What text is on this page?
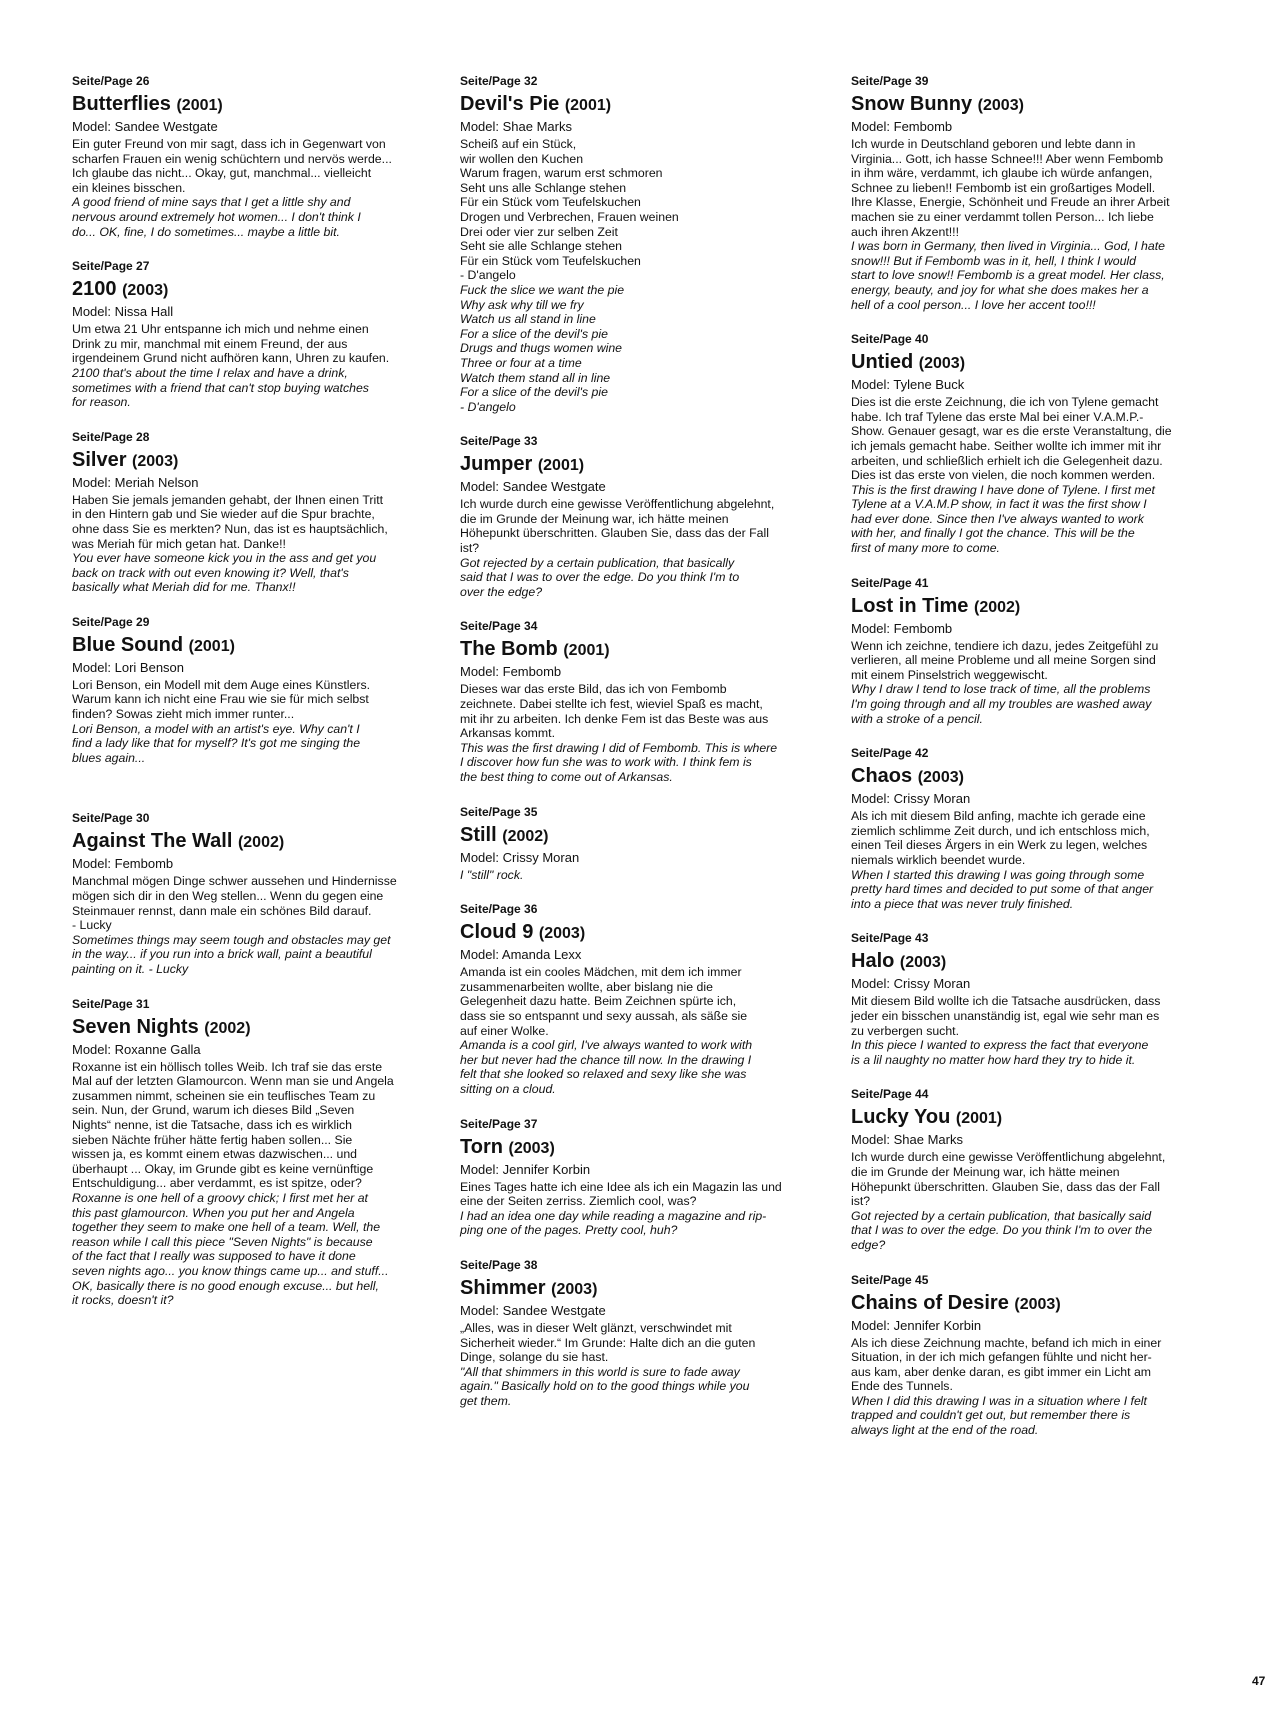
Seite/Page 26

Butterflies (2001)

Model: Sandee Westgate

Ein guter Freund von mir sagt, dass ich in Gegenwart von
scharfen Frauen ein wenig schüchtern und nervös werde...
Ich glaube das nicht... Okay, gut, manchmal... vielleicht
ein kleines bisschen.

A good friend of mine says that I get a little shy and
nervous around extremely hot women... I don't think I
do... OK, fine, I do sometimes... maybe a little bit.

Seite/Page 27

2100 (2003)

Model: Nissa Hall

Um etwa 21 Uhr entspanne ich mich und nehme einen
Drink zu mir, manchmal mit einem Freund, der aus
irgendeinem Grund nicht aufhören kann, Uhren zu kaufen.

2100 that's about the time I relax and have a drink,
sometimes with a friend that can't stop buying watches
for reason.

Seite/Page 28

Silver (2003)

Model: Meriah Nelson

Haben Sie jemals jemanden gehabt, der Ihnen einen Tritt
in den Hintern gab und Sie wieder auf die Spur brachte,
ohne dass Sie es merkten? Nun, das ist es hauptsächlich,
was Meriah für mich getan hat. Danke!!

You ever have someone kick you in the ass and get you
back on track with out even knowing it? Well, that's
basically what Meriah did for me. Thanx!!

Seite/Page 29

Blue Sound (2001)

Model: Lori Benson

Lori Benson, ein Modell mit dem Auge eines Künstlers.
Warum kann ich nicht eine Frau wie sie für mich selbst
finden? Sowas zieht mich immer runter...

Lori Benson, a model with an artist's eye. Why can't I
find a lady like that for myself? It's got me singing the
blues again...

Seite/Page 30

Against The Wall (2002)

Model: Fembomb

Manchmal mögen Dinge schwer aussehen und Hindernisse
mögen sich dir in den Weg stellen... Wenn du gegen eine
Steinmauer rennst, dann male ein schönes Bild darauf.
- Lucky

Sometimes things may seem tough and obstacles may get
in the way... if you run into a brick wall, paint a beautiful
painting on it. - Lucky

Seite/Page 31

Seven Nights (2002)

Model: Roxanne Galla

Roxanne ist ein höllisch tolles Weib. Ich traf sie das erste
Mal auf der letzten Glamourcon. Wenn man sie und Angela
zusammen nimmt, scheinen sie ein teuflisches Team zu
sein. Nun, der Grund, warum ich dieses Bild „Seven
Nights“ nenne, ist die Tatsache, dass ich es wirklich
sieben Nächte früher hätte fertig haben sollen... Sie
wissen ja, es kommt einem etwas dazwischen... und
überhaupt ... Okay, im Grunde gibt es keine vernünftige
Entschuldigung... aber verdammt, es ist spitze, oder?

Roxanne is one hell of a groovy chick; I first met her at
this past glamourcon. When you put her and Angela
together they seem to make one hell of a team. Well, the
reason while I call this piece "Seven Nights" is because
of the fact that I really was supposed to have it done
seven nights ago... you know things came up... and stuff...
OK, basically there is no good enough excuse... but hell,
it rocks, doesn't it?

Seite/Page 32

Devil's Pie (2001)

Model: Shae Marks

Scheiß auf ein Stück,
wir wollen den Kuchen
Warum fragen, warum erst schmoren
Seht uns alle Schlange stehen
Für ein Stück vom Teufelskuchen
Drogen und Verbrechen, Frauen weinen
Drei oder vier zur selben Zeit
Seht sie alle Schlange stehen
Für ein Stück vom Teufelskuchen
- D'angelo

Fuck the slice we want the pie
Why ask why till we fry
Watch us all stand in line
For a slice of the devil's pie
Drugs and thugs women wine
Three or four at a time
Watch them stand all in line
For a slice of the devil's pie
- D'angelo

Seite/Page 33

Jumper (2001)

Model: Sandee Westgate

Ich wurde durch eine gewisse Veröffentlichung abgelehnt,
die im Grunde der Meinung war, ich hätte meinen
Höhepunkt überschritten. Glauben Sie, dass das der Fall
ist?

Got rejected by a certain publication, that basically
said that I was to over the edge. Do you think I'm to
over the edge?

Seite/Page 34

The Bomb (2001)

Model: Fembomb

Dieses war das erste Bild, das ich von Fembomb
zeichnete. Dabei stellte ich fest, wieviel Spaß es macht,
mit ihr zu arbeiten. Ich denke Fem ist das Beste was aus
Arkansas kommt.

This was the first drawing I did of Fembomb. This is where
I discover how fun she was to work with. I think fem is
the best thing to come out of Arkansas.

Seite/Page 35

Still (2002)

Model: Crissy Moran

I "still" rock.

Seite/Page 36

Cloud 9 (2003)

Model: Amanda Lexx

Amanda ist ein cooles Mädchen, mit dem ich immer
zusammenarbeiten wollte, aber bislang nie die
Gelegenheit dazu hatte. Beim Zeichnen spürte ich,
dass sie so entspannt und sexy aussah, als säße sie
auf einer Wolke.

Amanda is a cool girl, I've always wanted to work with
her but never had the chance till now. In the drawing I
felt that she looked so relaxed and sexy like she was
sitting on a cloud.

Seite/Page 37

Torn (2003)

Model: Jennifer Korbin

Eines Tages hatte ich eine Idee als ich ein Magazin las und
eine der Seiten zerriss. Ziemlich cool, was?

I had an idea one day while reading a magazine and rip-
ping one of the pages. Pretty cool, huh?

Seite/Page 38

Shimmer (2003)

Model: Sandee Westgate

„Alles, was in dieser Welt glänzt, verschwindet mit
Sicherheit wieder.“ Im Grunde: Halte dich an die guten
Dinge, solange du sie hast.

"All that shimmers in this world is sure to fade away
again." Basically hold on to the good things while you
get them.

Seite/Page 39

Snow Bunny (2003)

Model: Fembomb

Ich wurde in Deutschland geboren und lebte dann in
Virginia... Gott, ich hasse Schnee!!! Aber wenn Fembomb
in ihm wäre, verdammt, ich glaube ich würde anfangen,
Schnee zu lieben!! Fembomb ist ein großartiges Modell.
Ihre Klasse, Energie, Schönheit und Freude an ihrer Arbeit
machen sie zu einer verdammt tollen Person... Ich liebe
auch ihren Akzent!!!

I was born in Germany, then lived in Virginia... God, I hate
snow!!! But if Fembomb was in it, hell, I think I would
start to love snow!! Fembomb is a great model. Her class,
energy, beauty, and joy for what she does makes her a
hell of a cool person... I love her accent too!!!

Seite/Page 40

Untied (2003)

Model: Tylene Buck

Dies ist die erste Zeichnung, die ich von Tylene gemacht
habe. Ich traf Tylene das erste Mal bei einer V.A.M.P.-
Show. Genauer gesagt, war es die erste Veranstaltung, die
ich jemals gemacht habe. Seither wollte ich immer mit ihr
arbeiten, und schließlich erhielt ich die Gelegenheit dazu.
Dies ist das erste von vielen, die noch kommen werden.

This is the first drawing I have done of Tylene. I first met
Tylene at a V.A.M.P show, in fact it was the first show I
had ever done. Since then I've always wanted to work
with her, and finally I got the chance. This will be the
first of many more to come.

Seite/Page 41

Lost in Time (2002)

Model: Fembomb

Wenn ich zeichne, tendiere ich dazu, jedes Zeitgefühl zu
verlieren, all meine Probleme und all meine Sorgen sind
mit einem Pinselstrich weggewischt.

Why I draw I tend to lose track of time, all the problems
I'm going through and all my troubles are washed away
with a stroke of a pencil.

Seite/Page 42

Chaos (2003)

Model: Crissy Moran

Als ich mit diesem Bild anfing, machte ich gerade eine
ziemlich schlimme Zeit durch, und ich entschloss mich,
einen Teil dieses Ärgers in ein Werk zu legen, welches
niemals wirklich beendet wurde.

When I started this drawing I was going through some
pretty hard times and decided to put some of that anger
into a piece that was never truly finished.

Seite/Page 43

Halo (2003)

Model: Crissy Moran

Mit diesem Bild wollte ich die Tatsache ausdrücken, dass
jeder ein bisschen unanständig ist, egal wie sehr man es
zu verbergen sucht.

In this piece I wanted to express the fact that everyone
is a lil naughty no matter how hard they try to hide it.

Seite/Page 44

Lucky You (2001)

Model: Shae Marks

Ich wurde durch eine gewisse Veröffentlichung abgelehnt,
die im Grunde der Meinung war, ich hätte meinen
Höhepunkt überschritten. Glauben Sie, dass das der Fall
ist?

Got rejected by a certain publication, that basically said
that I was to over the edge. Do you think I'm to over the
edge?

Seite/Page 45

Chains of Desire (2003)

Model: Jennifer Korbin

Als ich diese Zeichnung machte, befand ich mich in einer
Situation, in der ich mich gefangen fühlte und nicht her-
aus kam, aber denke daran, es gibt immer ein Licht am
Ende des Tunnels.

When I did this drawing I was in a situation where I felt
trapped and couldn't get out, but remember there is
always light at the end of the road.

47
